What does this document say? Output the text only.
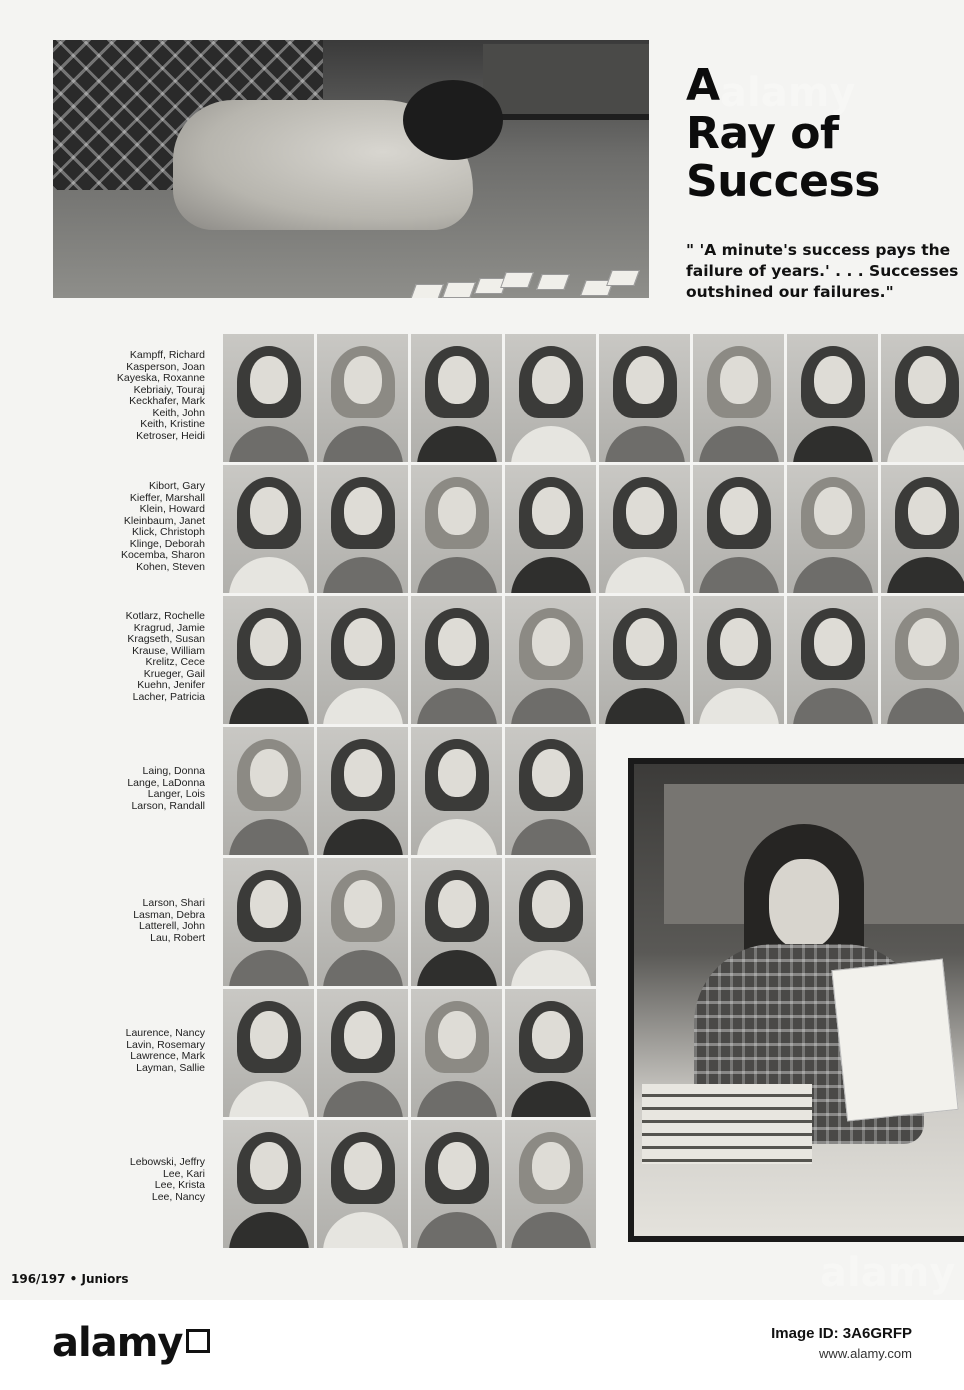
A
Ray of
Success
" 'A minute's success pays the
failure of years.' . . . Successes
outshined our failures."
Kampff, Richard
Kasperson, Joan
Kayeska, Roxanne
Kebriaiy, Touraj
Keckhafer, Mark
Keith, John
Keith, Kristine
Ketroser, Heidi
Kibort, Gary
Kieffer, Marshall
Klein, Howard
Kleinbaum, Janet
Klick, Christoph
Klinge, Deborah
Kocemba, Sharon
Kohen, Steven
Kotlarz, Rochelle
Kragrud, Jamie
Kragseth, Susan
Krause, William
Krelitz, Cece
Krueger, Gail
Kuehn, Jenifer
Lacher, Patricia
Laing, Donna
Lange, LaDonna
Langer, Lois
Larson, Randall
Larson, Shari
Lasman, Debra
Latterell, John
Lau, Robert
Laurence, Nancy
Lavin, Rosemary
Lawrence, Mark
Layman, Sallie
Lebowski, Jeffry
Lee, Kari
Lee, Krista
Lee, Nancy
196/197 • Juniors
alamy
alamy
alamy	Image ID: 3A6GRFP
www.alamy.com
